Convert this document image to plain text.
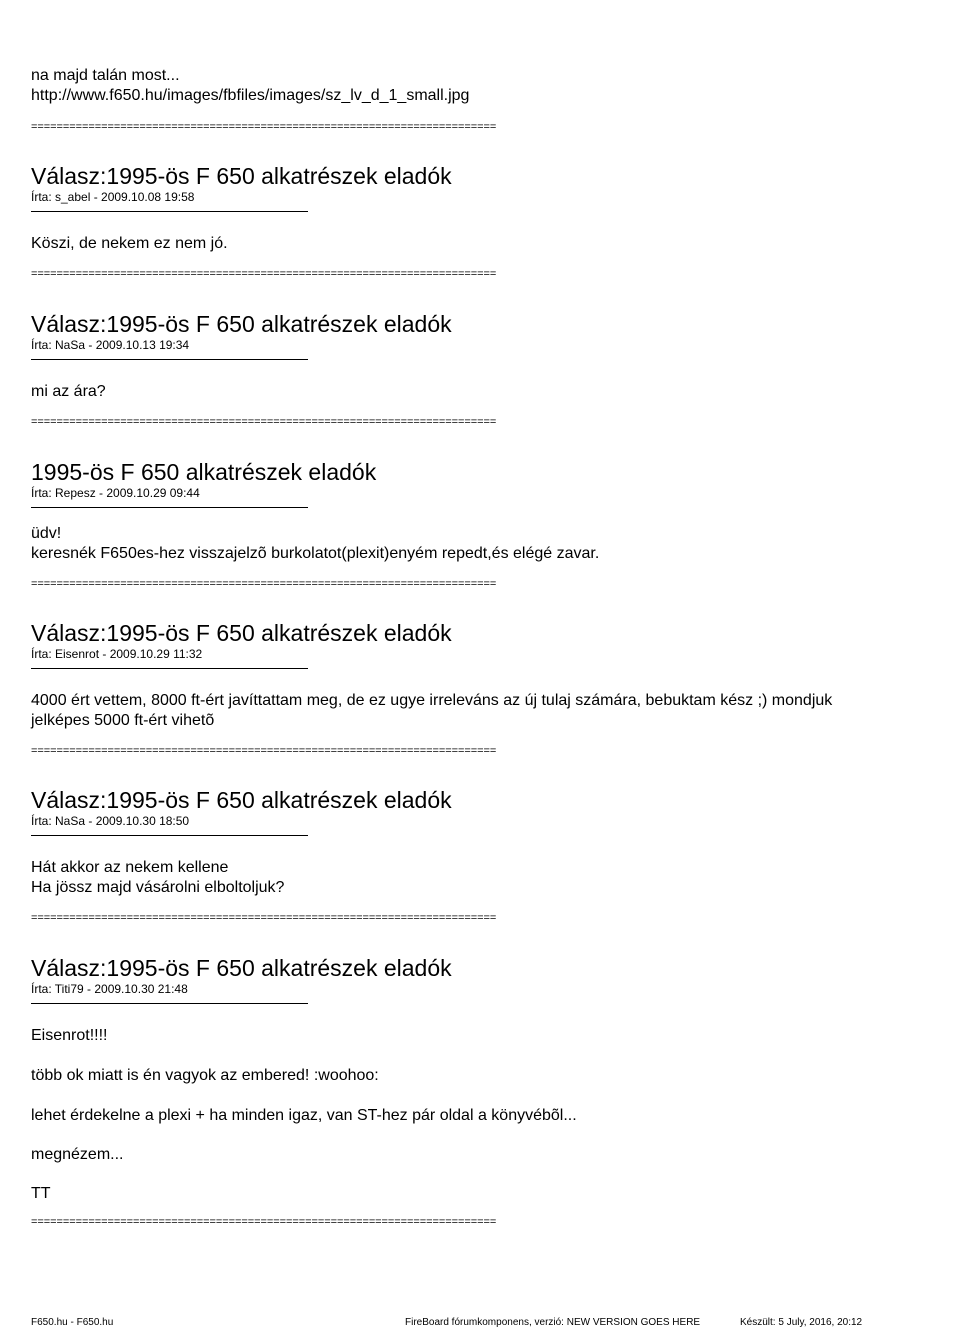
na majd talán most...

http://www.f650.hu/images/fbfiles/images/sz_lv_d_1_small.jpg

=========================================================================

Válasz:1995-ös F 650 alkatrészek eladók

Írta: s_abel - 2009.10.08 19:58

Köszi, de nekem ez nem jó.

=========================================================================

Válasz:1995-ös F 650 alkatrészek eladók

Írta: NaSa - 2009.10.13 19:34

mi az ára?

=========================================================================

1995-ös F 650 alkatrészek eladók

Írta: Repesz - 2009.10.29 09:44

üdv!

keresnék F650es-hez visszajelzõ burkolatot(plexit)enyém repedt,és elégé zavar.

=========================================================================

Válasz:1995-ös F 650 alkatrészek eladók

Írta: Eisenrot - 2009.10.29 11:32

4000 ért vettem, 8000 ft-ért javíttattam meg, de ez ugye irreleváns az új tulaj számára, bebuktam kész ;) mondjuk

jelképes 5000 ft-ért vihetõ

=========================================================================

Válasz:1995-ös F 650 alkatrészek eladók

Írta: NaSa - 2009.10.30 18:50

Hát akkor az nekem kellene

Ha jössz majd vásárolni elboltoljuk?

=========================================================================

Válasz:1995-ös F 650 alkatrészek eladók

Írta: Titi79 - 2009.10.30 21:48

Eisenrot!!!!

több ok miatt is én vagyok az embered! :woohoo:

lehet érdekelne a plexi + ha minden igaz, van ST-hez pár oldal a könyvébõl...

megnézem...

TT

=========================================================================

F650.hu - F650.hu	FireBoard fórumkomponens, verzió: NEW VERSION GOES HERE	Készült: 5 July, 2016, 20:12
